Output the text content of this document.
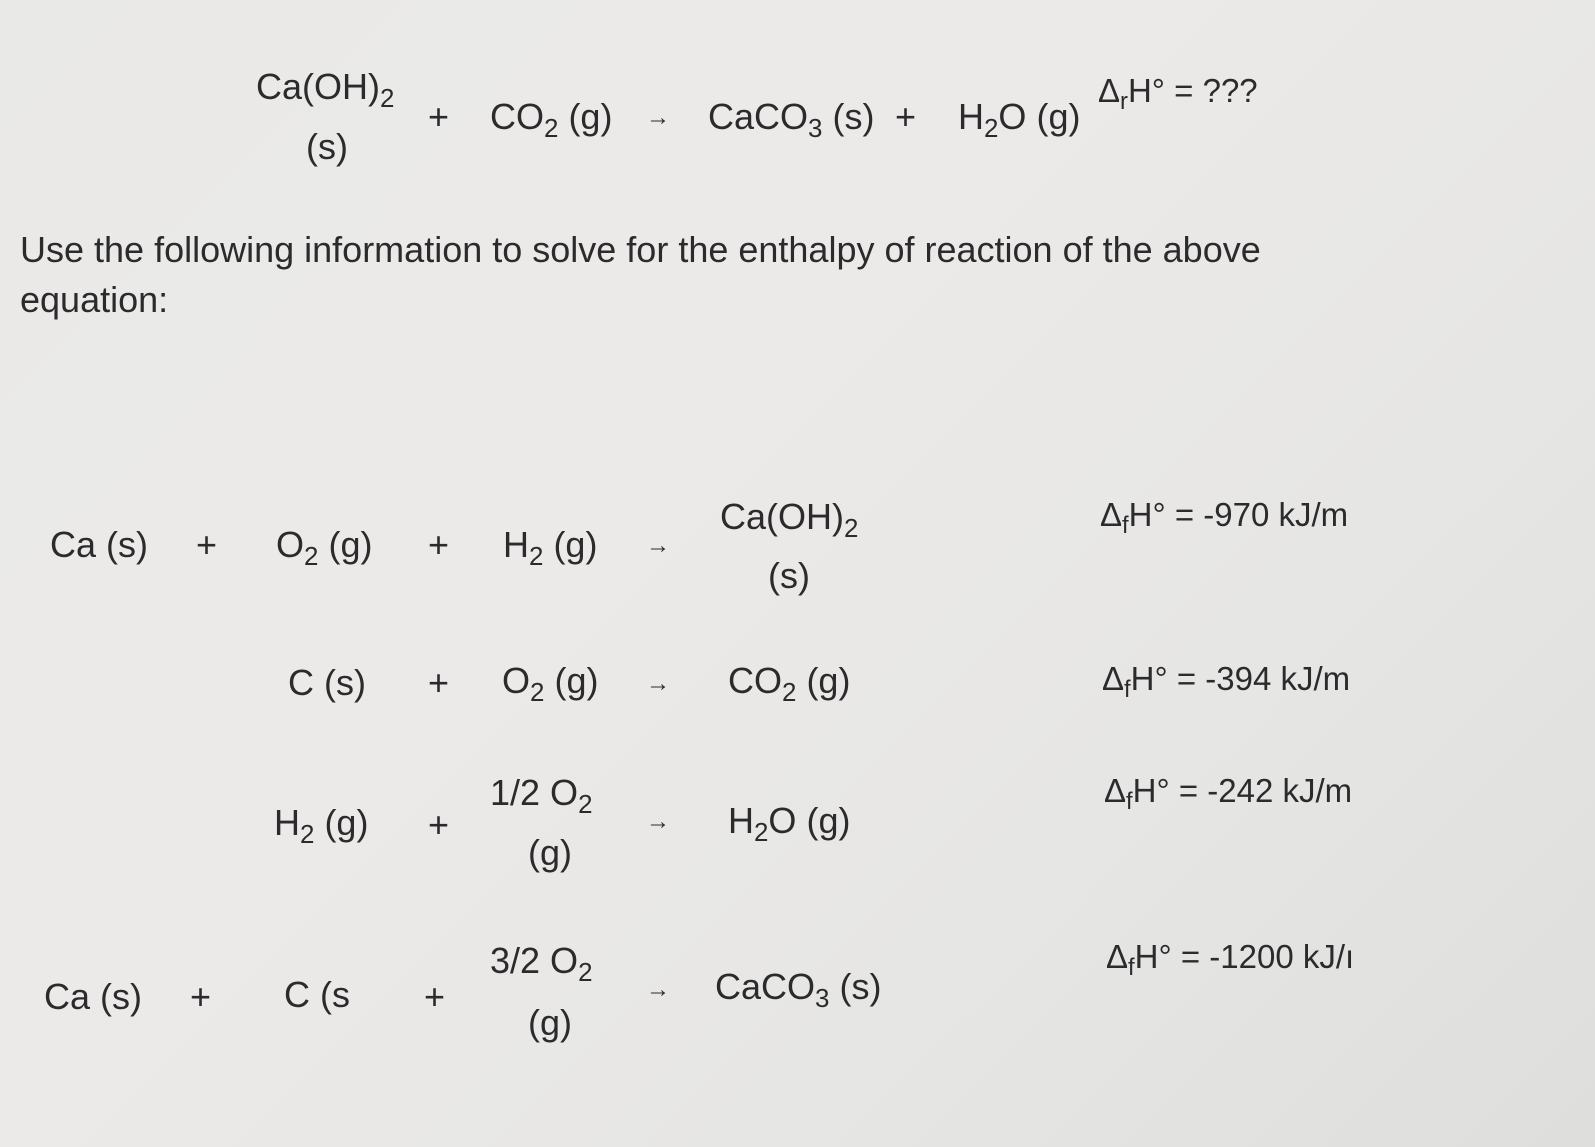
$Ca(OH)_2$
(s)
+ $CO_2$ (g) → CaCO$_3$ $(s) + H_2O$ (g)
$\Delta_rH^\circ$ = ???
Use the following information to solve for the enthalpy of reaction of the above equation:
Ca $(s) + O_2$ $(g) + H_2$ (g) →
$Ca(OH)_2$
(s)
$\Delta_fH^\circ = -970$ kJ/m
C $(s) + O_2$ $(g) \to CO_2$ (g)	$\Delta_fH^\circ = -394$ kJ/m
$H_2$ (g) +
1/2 $O_2$
(g)
→ $H_2O$ (g)
$\Delta_fH^\circ = -242$ kJ/m
Ca (s) + C (s +
3/2 $O_2$
(g)
→ CaCO$_3$ (s)
$\Delta_fH^\circ = -1200$ kJ/ı
